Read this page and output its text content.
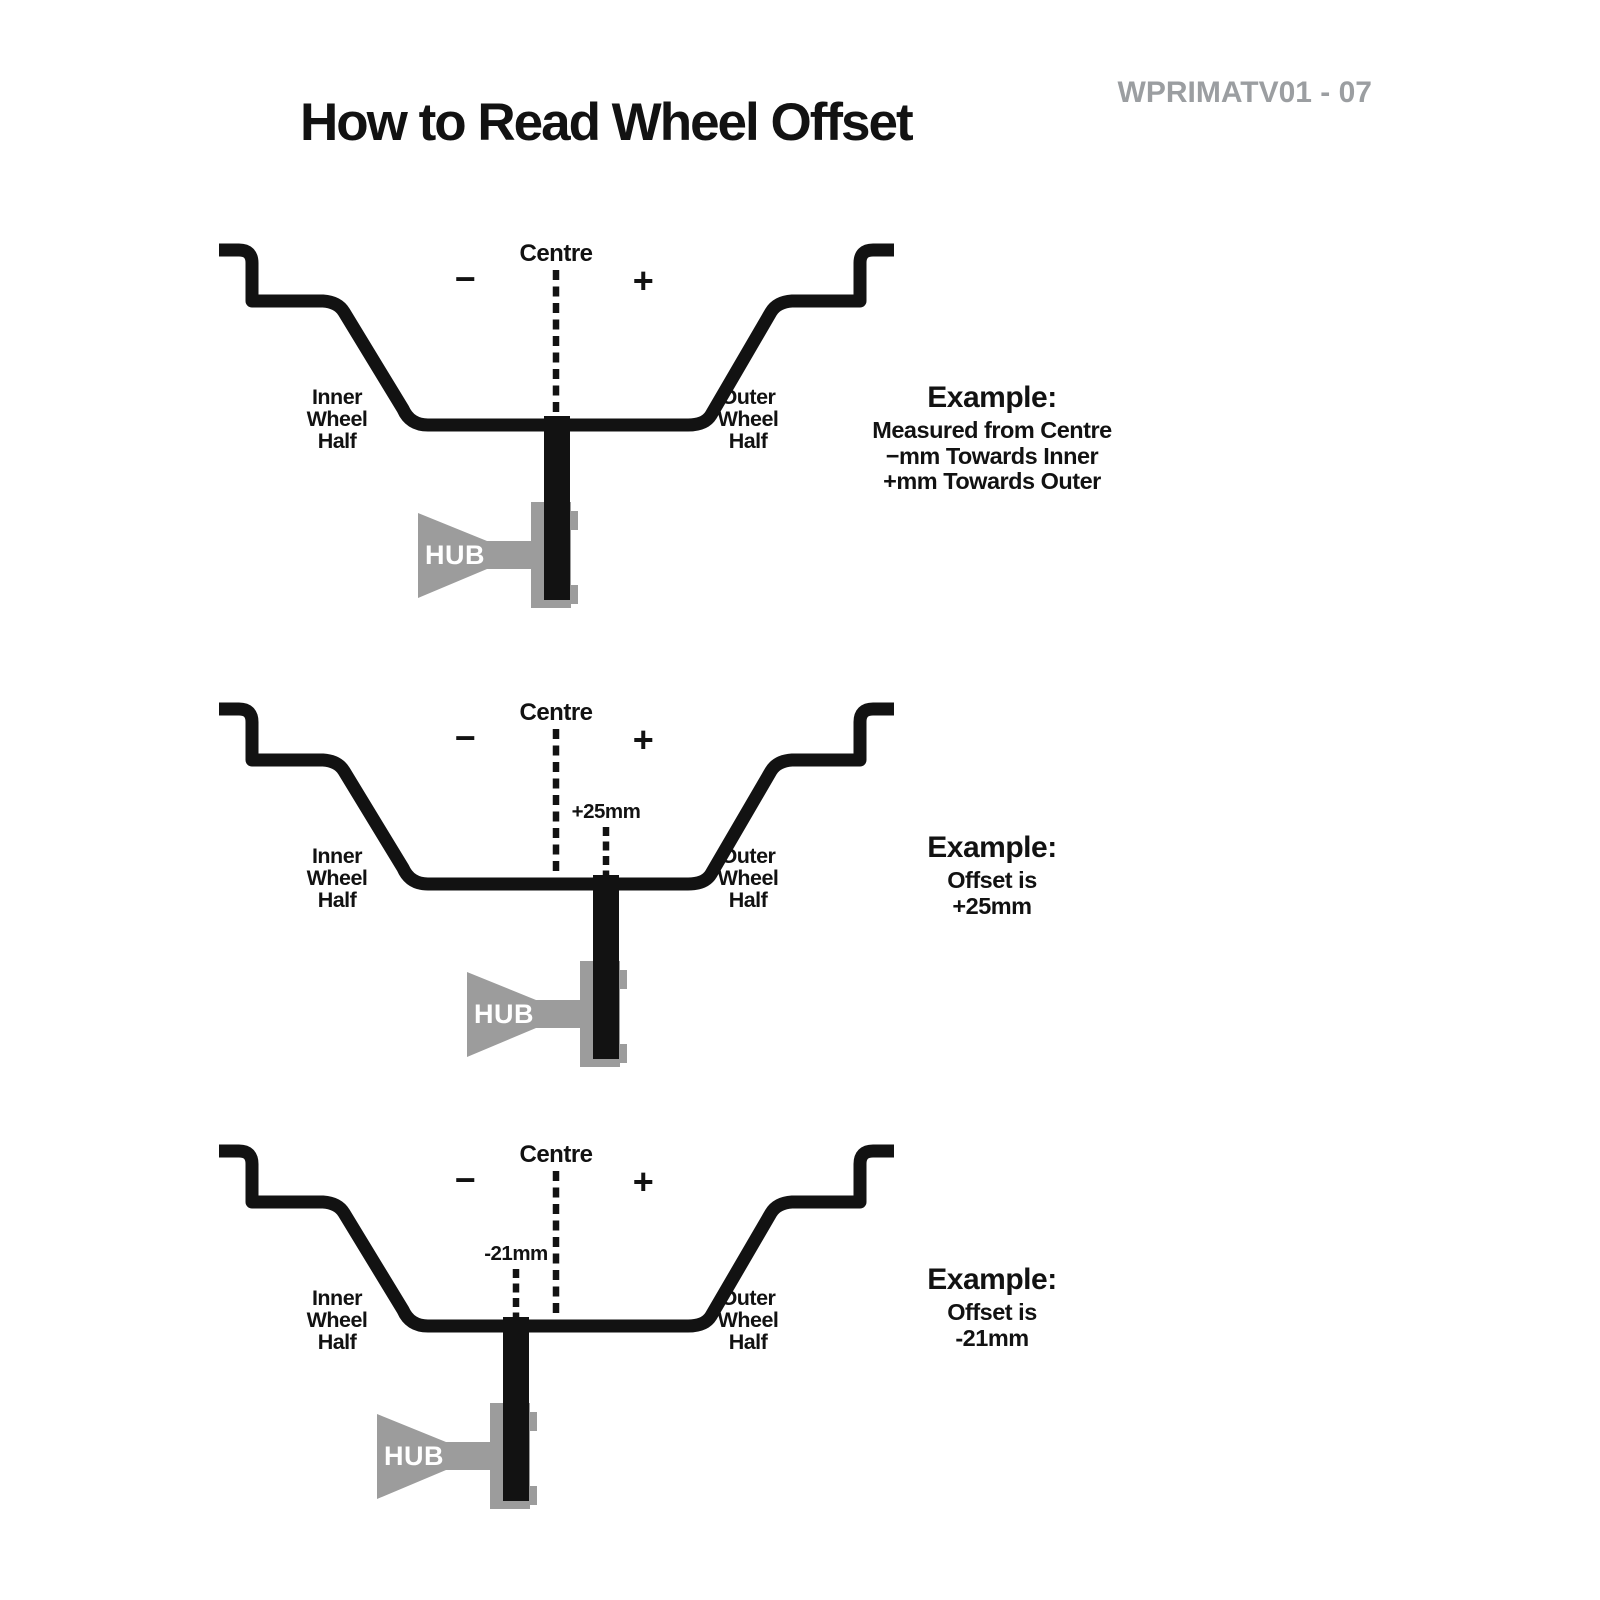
How to Read Wheel Offset
WPRIMATV01 - 07
Centre
−	+
Inner
Wheel
Half
Outer
Wheel
Half
HUB
Centre
−	+
+25mm
Inner
Wheel
Half
Outer
Wheel
Half
HUB
Centre
−	+
-21mm
Inner
Wheel
Half
Outer
Wheel
Half
HUB
Example:
Measured from Centre
−mm Towards Inner
+mm Towards Outer
Example:
Offset is
+25mm
Example:
Offset is
-21mm
